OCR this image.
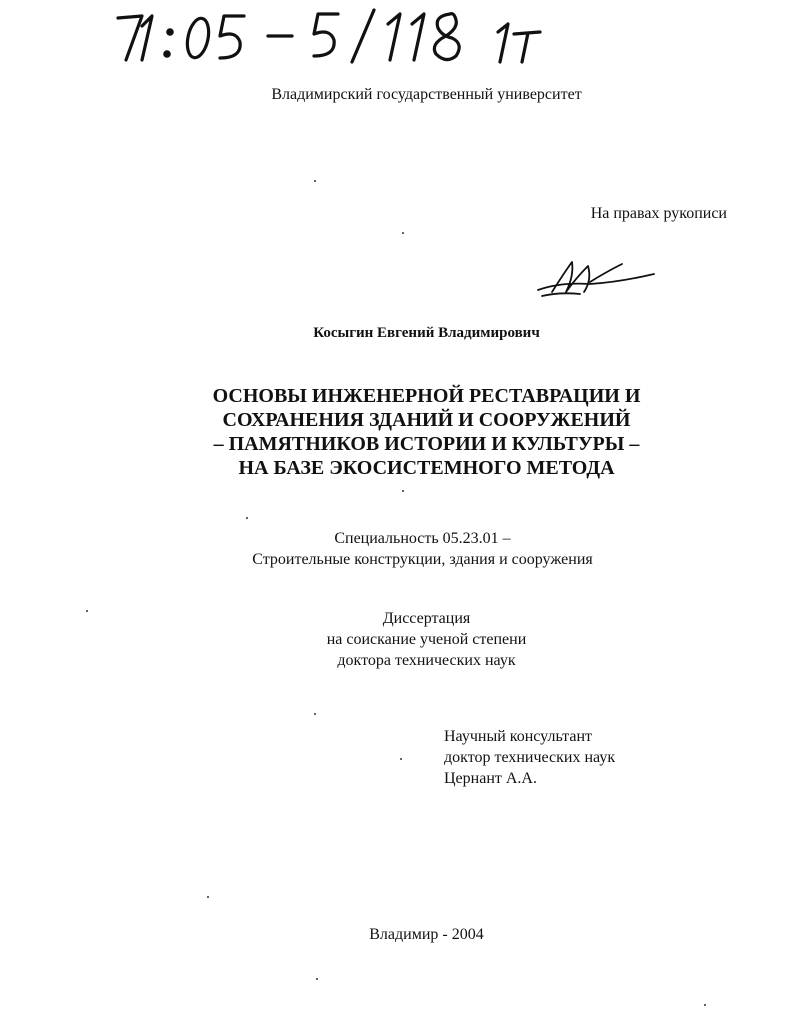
Владимирский государственный университет
На правах рукописи
Косыгин Евгений Владимирович
ОСНОВЫ ИНЖЕНЕРНОЙ РЕСТАВРАЦИИ И
СОХРАНЕНИЯ ЗДАНИЙ И СООРУЖЕНИЙ
– ПАМЯТНИКОВ ИСТОРИИ И КУЛЬТУРЫ –
НА БАЗЕ ЭКОСИСТЕМНОГО МЕТОДА
Специальность 05.23.01 –
Строительные конструкции, здания и сооружения
Диссертация
на соискание ученой степени
доктора технических наук
Научный консультант
доктор технических наук
Цернант А.А.
Владимир - 2004
